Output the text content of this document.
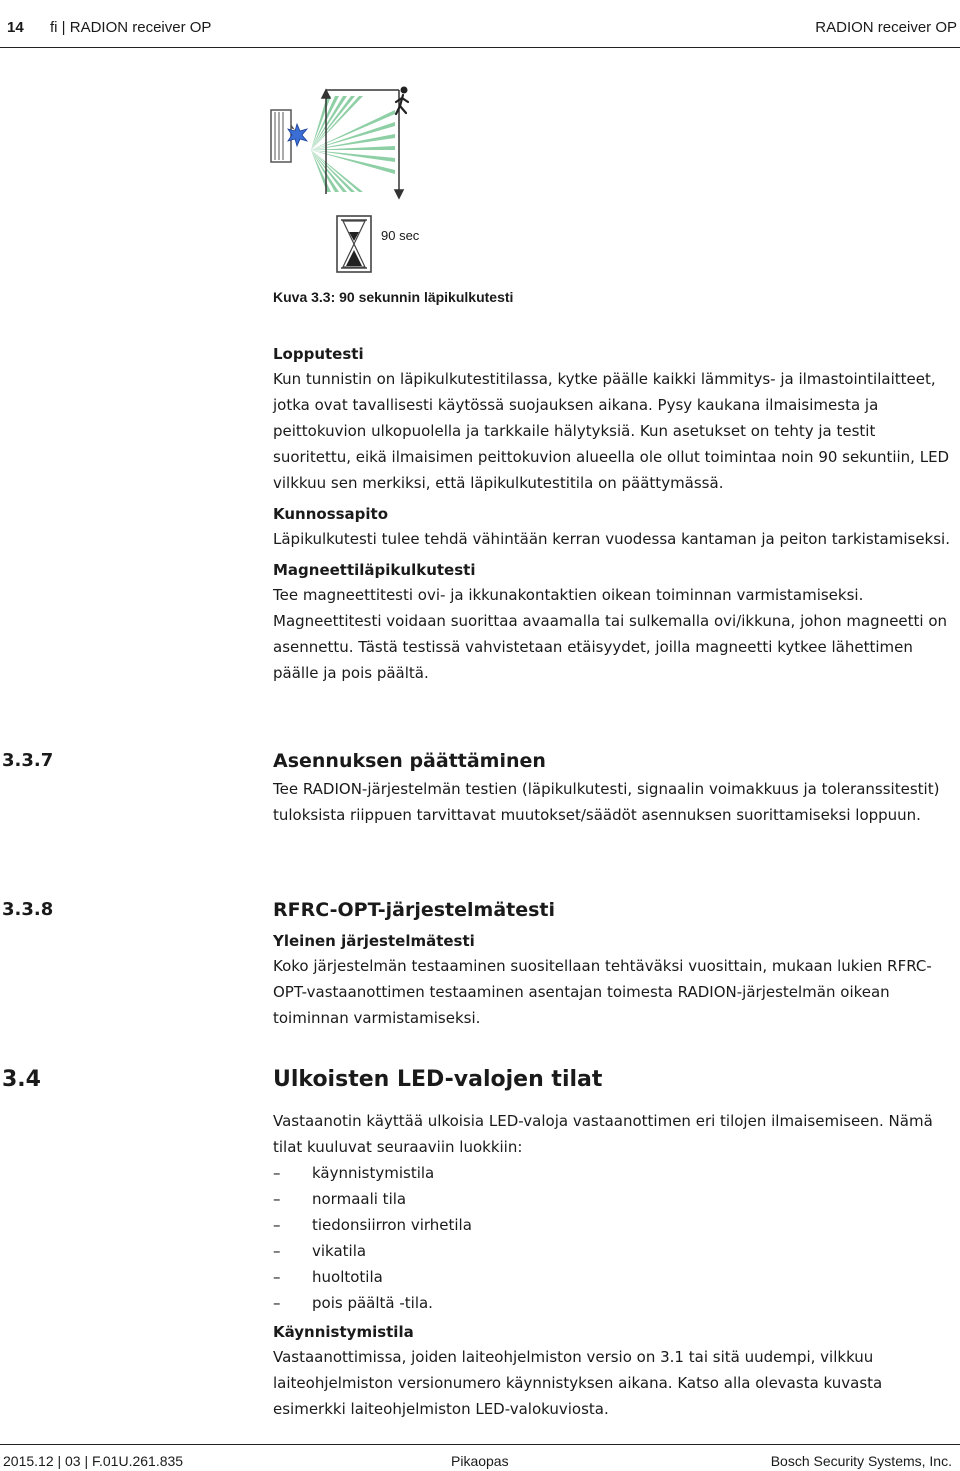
14 fi | RADION receiver OP	RADION receiver OP
90 sec
Kuva 3.3: 90 sekunnin läpikulkutesti
Lopputesti

Kun tunnistin on läpikulkutestitilassa, kytke päälle kaikki lämmitys- ja ilmastointilaitteet, jotka ovat tavallisesti käytössä suojauksen aikana. Pysy kaukana ilmaisimesta ja peittokuvion ulkopuolella ja tarkkaile hälytyksiä. Kun asetukset on tehty ja testit suoritettu, eikä ilmaisimen peittokuvion alueella ole ollut toimintaa noin 90 sekuntiin, LED vilkkuu sen merkiksi, että läpikulkutestitila on päättymässä.

Kunnossapito

Läpikulkutesti tulee tehdä vähintään kerran vuodessa kantaman ja peiton tarkistamiseksi.

Magneettiläpikulkutesti

Tee magneettitesti ovi- ja ikkunakontaktien oikean toiminnan varmistamiseksi. Magneettitesti voidaan suorittaa avaamalla tai sulkemalla ovi/ikkuna, johon magneetti on asennettu. Tästä testissä vahvistetaan etäisyydet, joilla magneetti kytkee lähettimen päälle ja pois päältä.

3.3.7	Asennuksen päättäminen
Tee RADION-järjestelmän testien (läpikulkutesti, signaalin voimakkuus ja toleranssitestit) tuloksista riippuen tarvittavat muutokset/säädöt asennuksen suorittamiseksi loppuun.
3.3.8	RFRC-OPT-järjestelmätesti
Yleinen järjestelmätesti

Koko järjestelmän testaaminen suositellaan tehtäväksi vuosittain, mukaan lukien RFRC-OPT-vastaanottimen testaaminen asentajan toimesta RADION-järjestelmän oikean toiminnan varmistamiseksi.

3.4	Ulkoisten LED-valojen tilat

Vastaanotin käyttää ulkoisia LED-valoja vastaanottimen eri tilojen ilmaisemiseen. Nämä tilat kuuluvat seuraaviin luokkiin:

– käynnistymistila
– normaali tila
– tiedonsiirron virhetila
– vikatila
– huoltotila
– pois päältä -tila.
Käynnistymistila

Vastaanottimissa, joiden laiteohjelmiston versio on 3.1 tai sitä uudempi, vilkkuu laiteohjelmiston versionumero käynnistyksen aikana. Katso alla olevasta kuvasta esimerkki laiteohjelmiston LED-valokuviosta.

2015.12 | 03 | F.01U.261.835	Pikaopas	Bosch Security Systems, Inc.
